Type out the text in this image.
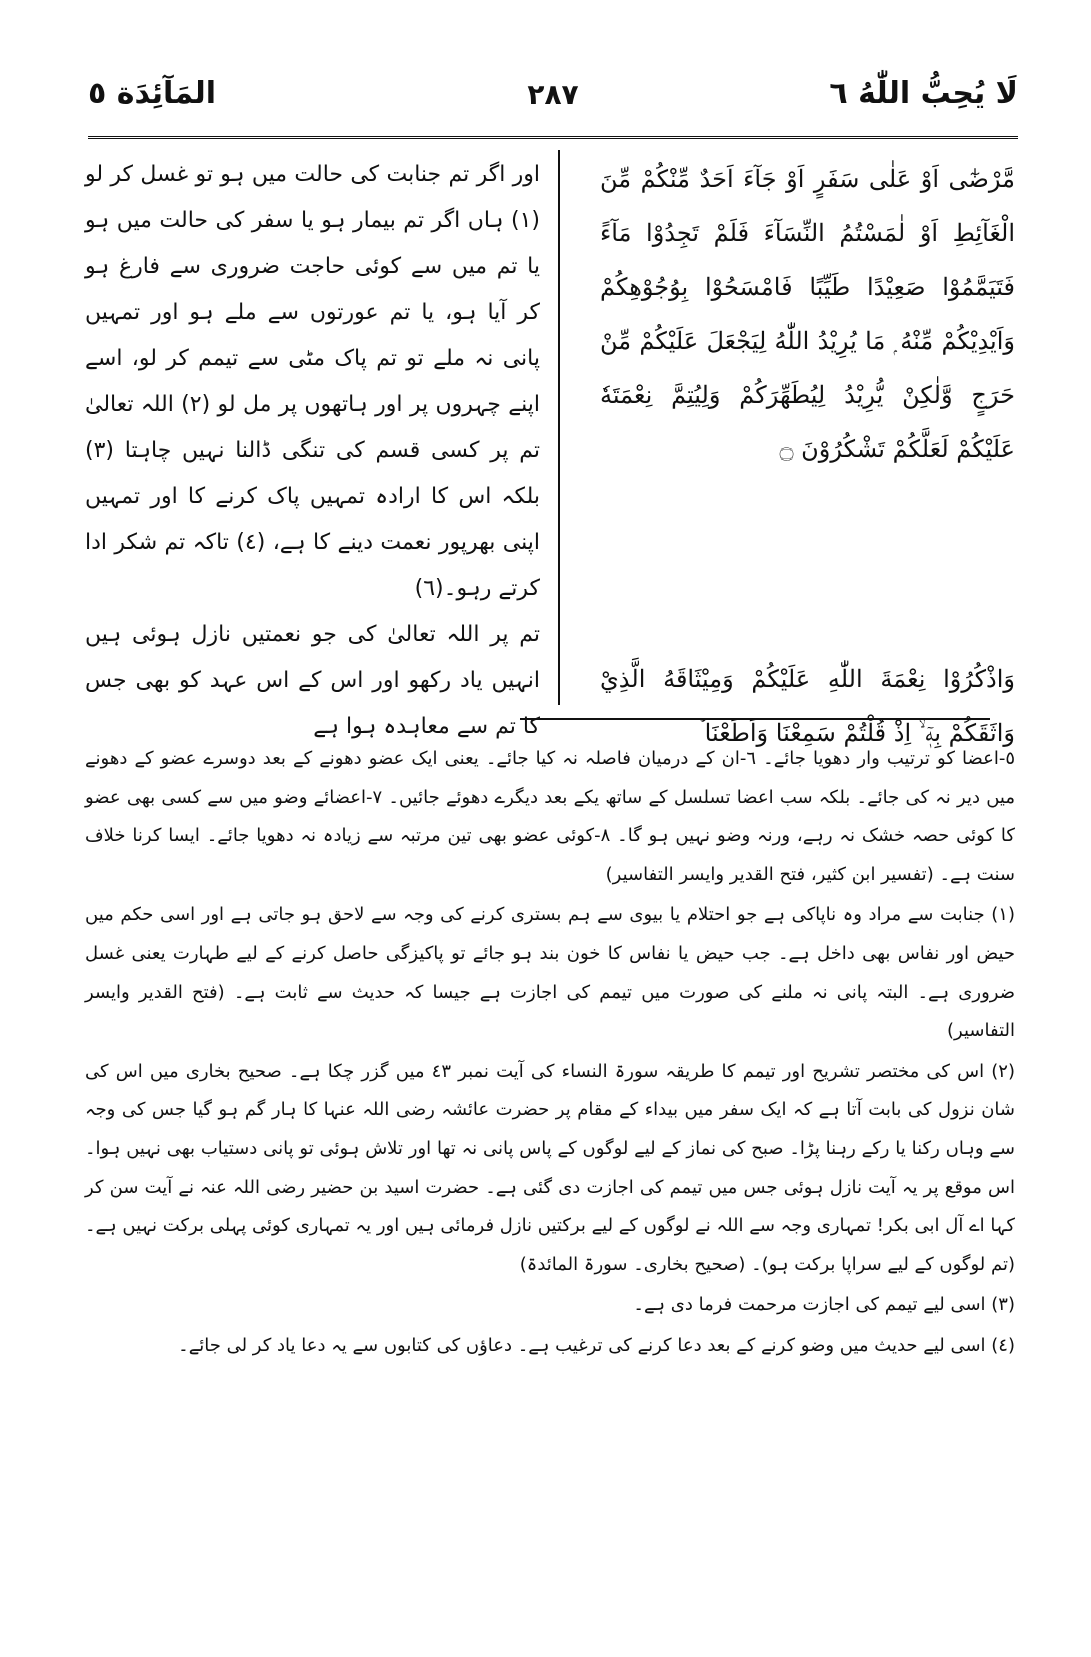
المَآئِدَة ٥	٢٨٧	لَا يُحِبُّ اللّٰهُ ٦

مَّرْضٰٓى اَوْ عَلٰى سَفَرٍ اَوْ جَآءَ اَحَدٌ مِّنْكُمْ مِّنَ الْغَآئِطِ اَوْ لٰمَسْتُمُ النِّسَآءَ فَلَمْ تَجِدُوْا مَآءً فَتَيَمَّمُوْا صَعِيْدًا طَيِّبًا فَامْسَحُوْا بِوُجُوْهِكُمْ وَاَيْدِيْكُمْ مِّنْهُ ۭ مَا يُرِيْدُ اللّٰهُ لِيَجْعَلَ عَلَيْكُمْ مِّنْ حَرَجٍ وَّلٰكِنْ يُّرِيْدُ لِيُطَهِّرَكُمْ وَلِيُتِمَّ نِعْمَتَهٗ عَلَيْكُمْ لَعَلَّكُمْ تَشْكُرُوْنَ ۝

وَاذْكُرُوْا نِعْمَةَ اللّٰهِ عَلَيْكُمْ وَمِيْثَاقَهُ الَّذِيْ وَاثَقَكُمْ بِهٖٓ ۙ اِذْ قُلْتُمْ سَمِعْنَا وَاَطَعْنَا ۡ

اور اگر تم جنابت کی حالت میں ہو تو غسل کر لو (١) ہاں اگر تم بیمار ہو یا سفر کی حالت میں ہو یا تم میں سے کوئی حاجت ضروری سے فارغ ہو کر آیا ہو، یا تم عورتوں سے ملے ہو اور تمہیں پانی نہ ملے تو تم پاک مٹی سے تیمم کر لو، اسے اپنے چہروں پر اور ہاتھوں پر مل لو (٢) اللہ تعالیٰ تم پر کسی قسم کی تنگی ڈالنا نہیں چاہتا (٣) بلکہ اس کا ارادہ تمہیں پاک کرنے کا اور تمہیں اپنی بھرپور نعمت دینے کا ہے، (٤) تاکہ تم شکر ادا کرتے رہو۔(٦)

تم پر اللہ تعالیٰ کی جو نعمتیں نازل ہوئی ہیں انہیں یاد رکھو اور اس کے اس عہد کو بھی جس کا تم سے معاہدہ ہوا ہے

٥-اعضا کو ترتیب وار دھویا جائے۔ ٦-ان کے درمیان فاصلہ نہ کیا جائے۔ یعنی ایک عضو دھونے کے بعد دوسرے عضو کے دھونے میں دیر نہ کی جائے۔ بلکہ سب اعضا تسلسل کے ساتھ یکے بعد دیگرے دھوئے جائیں۔ ٧-اعضائے وضو میں سے کسی بھی عضو کا کوئی حصہ خشک نہ رہے، ورنہ وضو نہیں ہو گا۔ ٨-کوئی عضو بھی تین مرتبہ سے زیادہ نہ دھویا جائے۔ ایسا کرنا خلاف سنت ہے۔ (تفسیر ابن کثیر، فتح القدیر وایسر التفاسیر)

(١) جنابت سے مراد وہ ناپاکی ہے جو احتلام یا بیوی سے ہم بستری کرنے کی وجہ سے لاحق ہو جاتی ہے اور اسی حکم میں حیض اور نفاس بھی داخل ہے۔ جب حیض یا نفاس کا خون بند ہو جائے تو پاکیزگی حاصل کرنے کے لیے طہارت یعنی غسل ضروری ہے۔ البتہ پانی نہ ملنے کی صورت میں تیمم کی اجازت ہے جیسا کہ حدیث سے ثابت ہے۔ (فتح القدیر وایسر التفاسیر)

(٢) اس کی مختصر تشریح اور تیمم کا طریقہ سورۃ النساء کی آیت نمبر ٤٣ میں گزر چکا ہے۔ صحیح بخاری میں اس کی شان نزول کی بابت آتا ہے کہ ایک سفر میں بیداء کے مقام پر حضرت عائشہ رضی اللہ عنہا کا ہار گم ہو گیا جس کی وجہ سے وہاں رکنا یا رکے رہنا پڑا۔ صبح کی نماز کے لیے لوگوں کے پاس پانی نہ تھا اور تلاش ہوئی تو پانی دستیاب بھی نہیں ہوا۔ اس موقع پر یہ آیت نازل ہوئی جس میں تیمم کی اجازت دی گئی ہے۔ حضرت اسید بن حضیر رضی اللہ عنہ نے آیت سن کر کہا اے آل ابی بکر! تمہاری وجہ سے اللہ نے لوگوں کے لیے برکتیں نازل فرمائی ہیں اور یہ تمہاری کوئی پہلی برکت نہیں ہے۔ (تم لوگوں کے لیے سراپا برکت ہو)۔ (صحیح بخاری۔ سورۃ المائدۃ)

(٣) اسی لیے تیمم کی اجازت مرحمت فرما دی ہے۔

(٤) اسی لیے حدیث میں وضو کرنے کے بعد دعا کرنے کی ترغیب ہے۔ دعاؤں کی کتابوں سے یہ دعا یاد کر لی جائے۔
